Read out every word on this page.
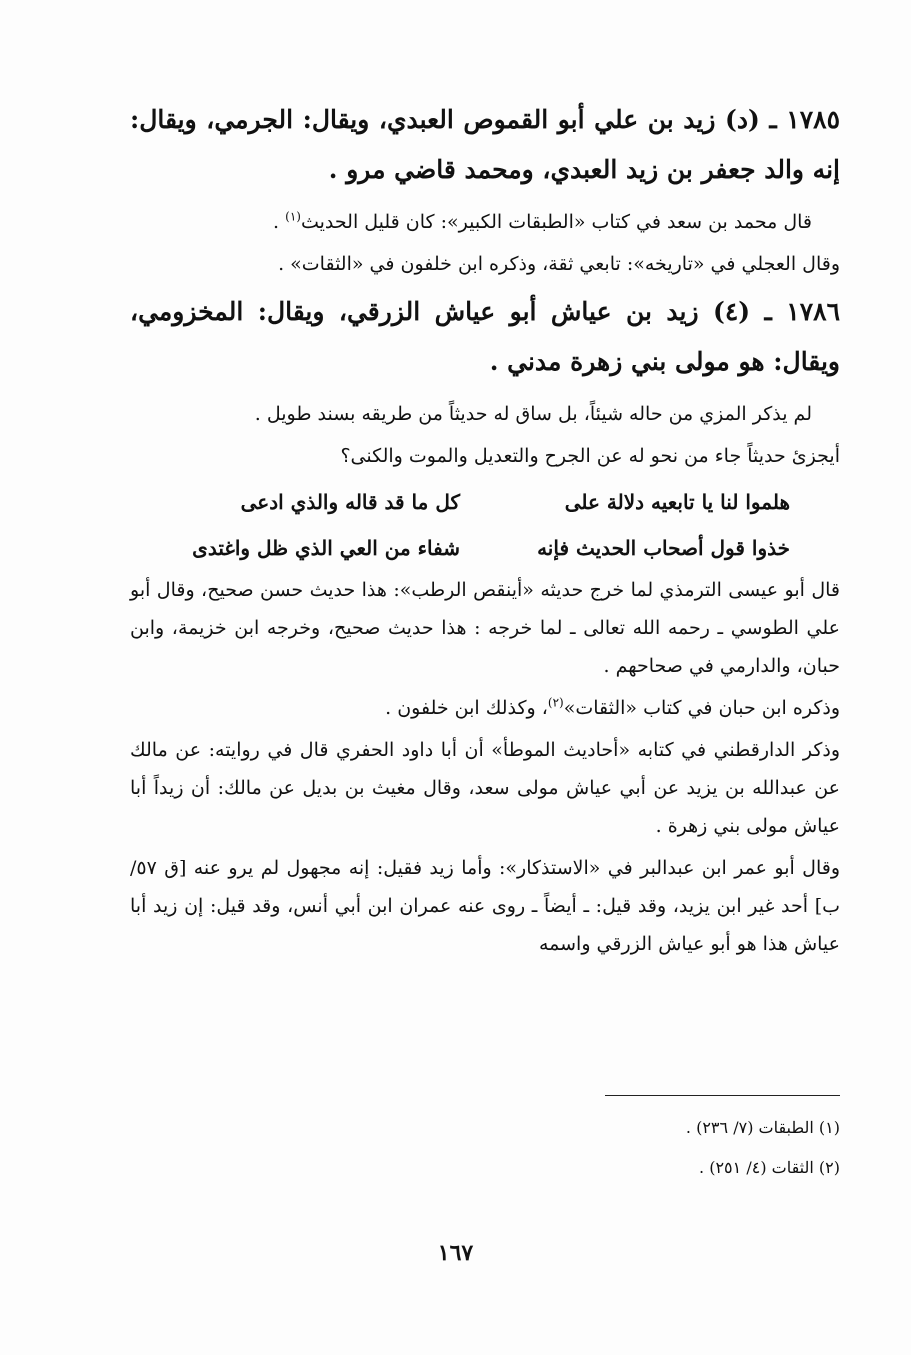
١٧٨٥ ـ (د) زيد بن علي أبو القموص العبدي، ويقال: الجرمي، ويقال: إنه والد جعفر بن زيد العبدي، ومحمد قاضي مرو .

قال محمد بن سعد في كتاب «الطبقات الكبير»: كان قليل الحديث$^{(١)}$ .

وقال العجلي في «تاريخه»: تابعي ثقة، وذكره ابن خلفون في «الثقات» .

١٧٨٦ ـ (٤) زيد بن عياش أبو عياش الزرقي، ويقال: المخزومي، ويقال: هو مولى بني زهرة مدني .

لم يذكر المزي من حاله شيئاً، بل ساق له حديثاً من طريقه بسند طويل .

أيجزئ حديثاً جاء من نحو له عن الجرح والتعديل والموت والكنى؟

هلموا لنا يا تابعيه دلالة على
كل ما قد قاله والذي ادعى
خذوا قول أصحاب الحديث فإنه
شفاء من العي الذي ظل واغتدى

قال أبو عيسى الترمذي لما خرج حديثه «أينقص الرطب»: هذا حديث حسن صحيح، وقال أبو علي الطوسي ـ رحمه الله تعالى ـ لما خرجه : هذا حديث صحيح، وخرجه ابن خزيمة، وابن حبان، والدارمي في صحاحهم .

وذكره ابن حبان في كتاب «الثقات»$^{(٢)}$، وكذلك ابن خلفون .

وذكر الدارقطني في كتابه «أحاديث الموطأ» أن أبا داود الحفري قال في روايته: عن مالك عن عبدالله بن يزيد عن أبي عياش مولى سعد، وقال مغيث بن بديل عن مالك: أن زيداً أبا عياش مولى بني زهرة .

وقال أبو عمر ابن عبدالبر في «الاستذكار»: وأما زيد فقيل: إنه مجهول لم يرو عنه [ق ٥٧/ب] أحد غير ابن يزيد، وقد قيل: ـ أيضاً ـ روى عنه عمران ابن أبي أنس، وقد قيل: إن زيد أبا عياش هذا هو أبو عياش الزرقي واسمه

(١) الطبقات (٧/ ٢٣٦) .

(٢) الثقات (٤/ ٢٥١) .

١٦٧
